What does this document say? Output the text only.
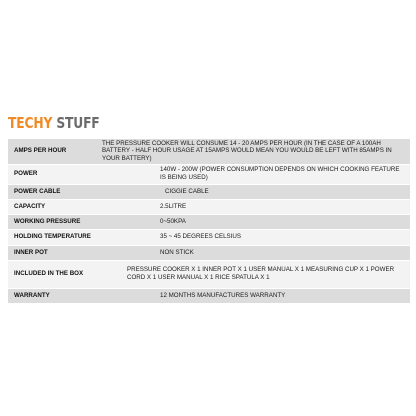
TECHY STUFF
AMPS PER HOUR	THE PRESSURE COOKER WILL CONSUME 14 - 20 AMPS PER HOUR (IN THE CASE OF A 100AH BATTERY - HALF HOUR USAGE AT 15AMPS WOULD MEAN YOU WOULD BE LEFT WITH 85AMPS IN YOUR BATTERY)

POWER	140W - 200W (POWER CONSUMPTION DEPENDS ON WHICH COOKING FEATURE IS BEING USED)

POWER CABLE	CIGGIE CABLE

CAPACITY	2.5LITRE

WORKING PRESSURE	0~50KPA

HOLDING TEMPERATURE	35 ~ 45 DEGREES CELSIUS

INNER POT	NON STICK

INCLUDED IN THE BOX	PRESSURE COOKER X 1 INNER POT X 1 USER MANUAL X 1 MEASURING CUP X 1 POWER CORD X 1 USER MANUAL X 1 RICE SPATULA X 1

WARRANTY	12 MONTHS MANUFACTURES WARRANTY
